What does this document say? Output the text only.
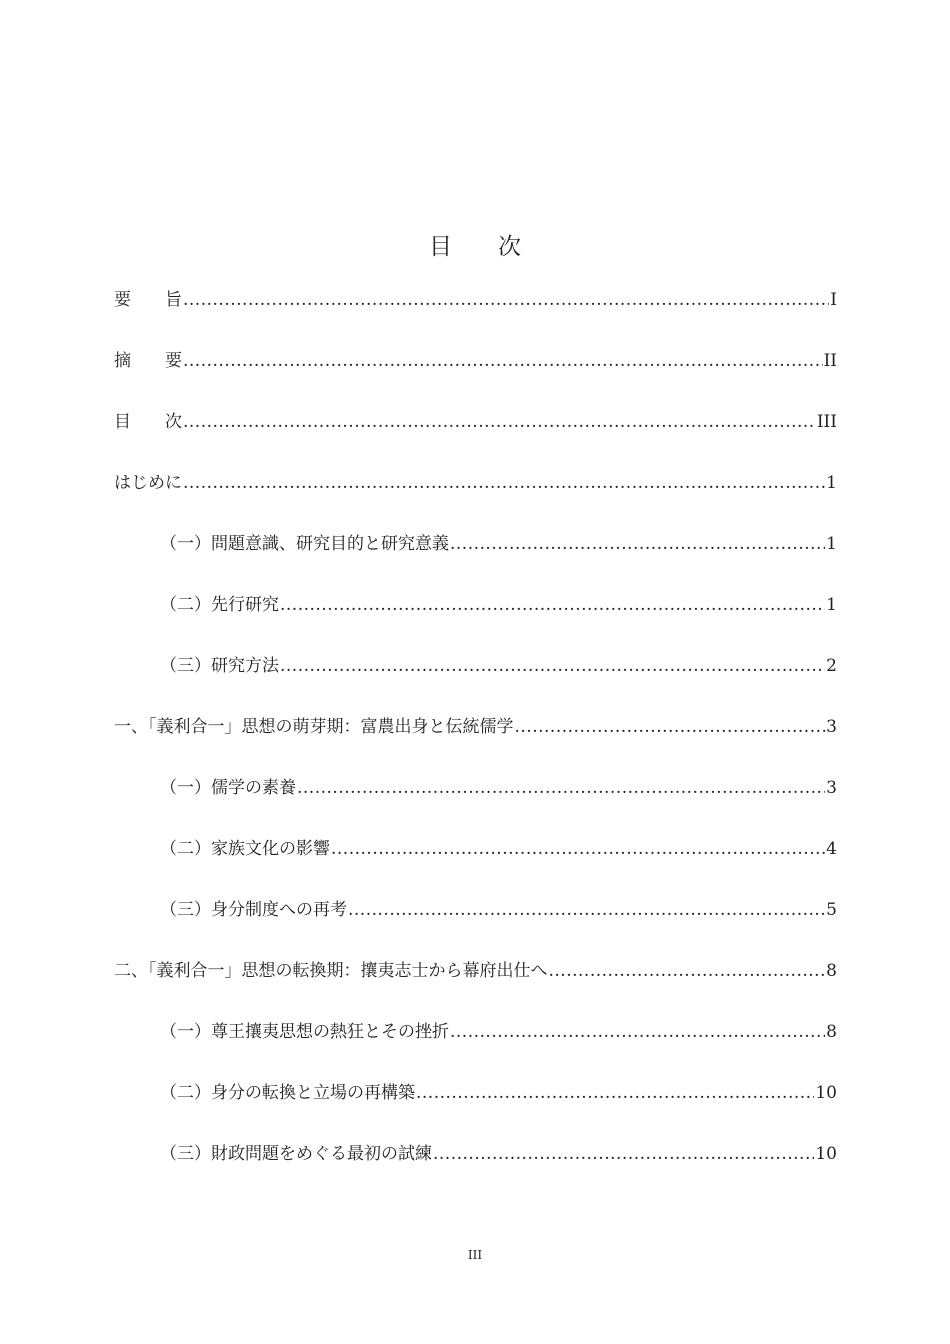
目　　次
要　　旨 .....	I
摘　　要 .....	II
目　　次 .....	III
はじめに .....	1
（一）問題意識、研究目的と研究意義 .....	1
（二）先行研究 .....	1
（三）研究方法 .....	2
一、「義利合一」思想の萌芽期：富農出身と伝統儒学 .....	3
（一）儒学の素養 .....	3
（二）家族文化の影響 .....	4
（三）身分制度への再考 .....	5
二、「義利合一」思想の転換期：攘夷志士から幕府出仕へ .....	8
（一）尊王攘夷思想の熱狂とその挫折 .....	8
（二）身分の転換と立場の再構築 .....	10
（三）財政問題をめぐる最初の試練 .....	10
III
